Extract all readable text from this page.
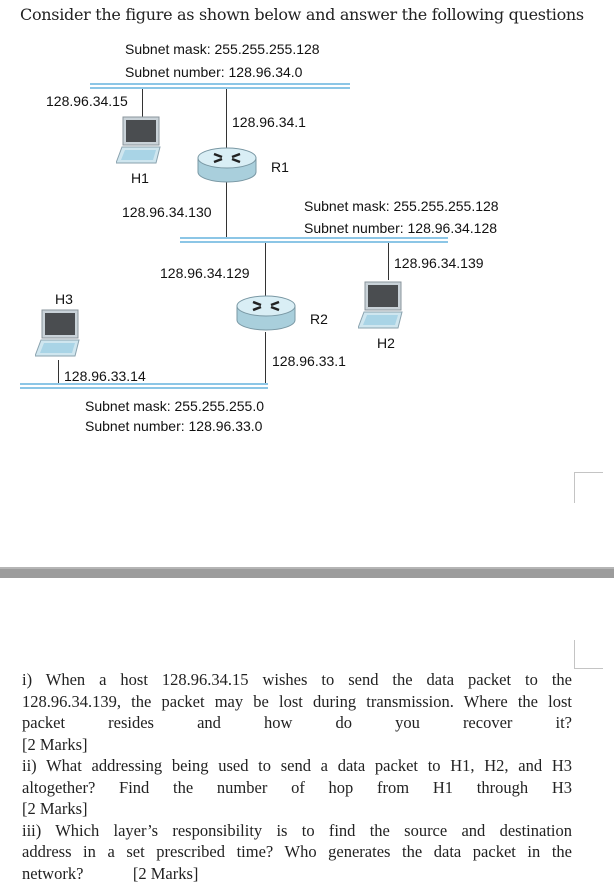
Consider the figure as shown below and answer the following questions
Subnet mask: 255.255.255.128
Subnet number: 128.96.34.0
Subnet mask: 255.255.255.128
Subnet number: 128.96.34.128
Subnet mask: 255.255.255.0
Subnet number: 128.96.33.0
128.96.34.15
128.96.34.1
128.96.34.130
128.96.34.139
128.96.34.129
128.96.33.1
128.96.33.14
H1
R1
R2
H2
H3
i) When a host 128.96.34.15 wishes to send the data packet to the
128.96.34.139, the packet may be lost during transmission. Where the lost
packet resides and how do you recover it?
[2 Marks]
ii) What addressing being used to send a data packet to H1, H2, and H3
altogether? Find the number of hop from H1 through H3
[2 Marks]
iii) Which layer’s responsibility is to find the source and destination
address in a set prescribed time? Who generates the data packet in the
network?            [2 Marks]
